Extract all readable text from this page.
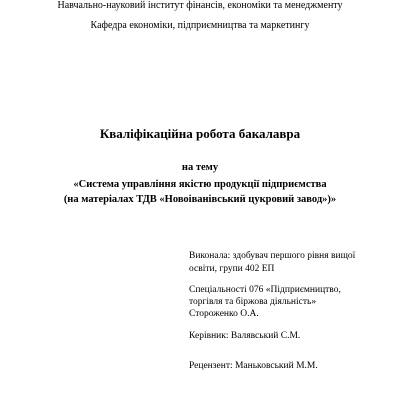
Навчально-науковий інститут фінансів, економіки та менеджменту
Кафедра економіки, підприємництва та маркетингу
Кваліфікаційна робота бакалавра
на тему
«Система управління якістю продукції підприємства
(на матеріалах ТДВ «Новоіванівський цукровий завод»)»
Виконала: здобувач першого рівня вищої
освіти, групи 402 ЕП
Спеціальності 076 «Підприємництво,
торгівля та біржова діяльність»
Стороженко О.А.
Керівник: Валявський С.М.
Рецензент: Маньковський М.М.
